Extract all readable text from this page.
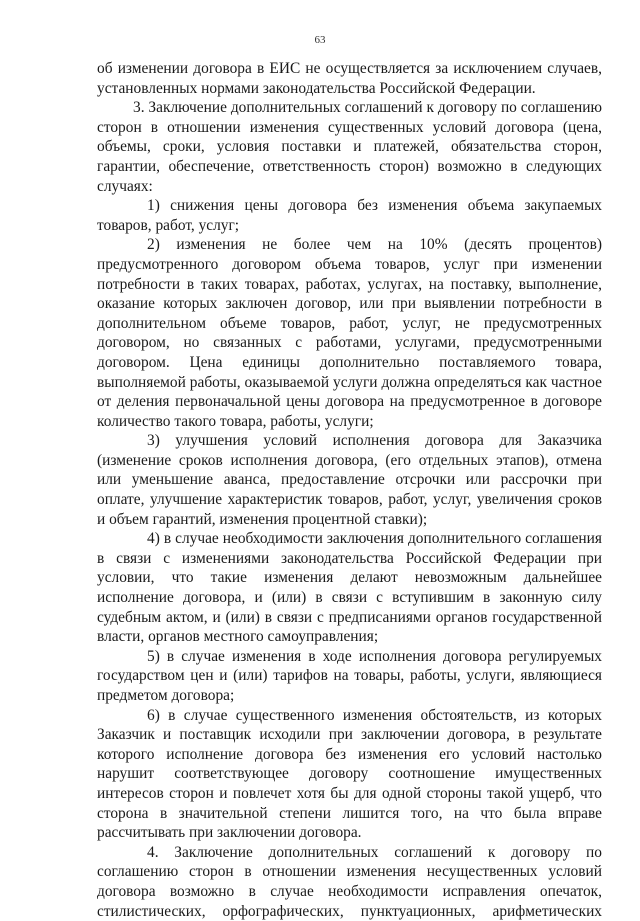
63

об изменении договора в ЕИС не осуществляется за исключением случаев, установленных нормами законодательства Российской Федерации.

3. Заключение дополнительных соглашений к договору по соглашению сторон в отношении изменения существенных условий договора (цена, объемы, сроки, условия поставки и платежей, обязательства сторон, гарантии, обеспечение, ответственность сторон) возможно в следующих случаях:

1) снижения цены договора без изменения объема закупаемых товаров, работ, услуг;

2) изменения не более чем на 10% (десять процентов) предусмотренного договором объема товаров, услуг при изменении потребности в таких товарах, работах, услугах, на поставку, выполнение, оказание которых заключен договор, или при выявлении потребности в дополнительном объеме товаров, работ, услуг, не предусмотренных договором, но связанных с работами, услугами, предусмотренными договором. Цена единицы дополнительно поставляемого товара, выполняемой работы, оказываемой услуги должна определяться как частное от деления первоначальной цены договора на предусмотренное в договоре количество такого товара, работы, услуги;

3) улучшения условий исполнения договора для Заказчика (изменение сроков исполнения договора, (его отдельных этапов), отмена или уменьшение аванса, предоставление отсрочки или рассрочки при оплате, улучшение характеристик товаров, работ, услуг, увеличения сроков и объем гарантий, изменения процентной ставки);

4) в случае необходимости заключения дополнительного соглашения в связи с изменениями законодательства Российской Федерации при условии, что такие изменения делают невозможным дальнейшее исполнение договора, и (или) в связи с вступившим в законную силу судебным актом, и (или) в связи с предписаниями органов государственной власти, органов местного самоуправления;

5) в случае изменения в ходе исполнения договора регулируемых государством цен и (или) тарифов на товары, работы, услуги, являющиеся предметом договора;

6) в случае существенного изменения обстоятельств, из которых Заказчик и поставщик исходили при заключении договора, в результате которого исполнение договора без изменения его условий настолько нарушит соответствующее договору соотношение имущественных интересов сторон и повлечет хотя бы для одной стороны такой ущерб, что сторона в значительной степени лишится того, на что была вправе рассчитывать при заключении договора.

4. Заключение дополнительных соглашений к договору по соглашению сторон в отношении изменения несущественных условий договора возможно в случае необходимости исправления опечаток, стилистических, орфографических, пунктуационных, арифметических
